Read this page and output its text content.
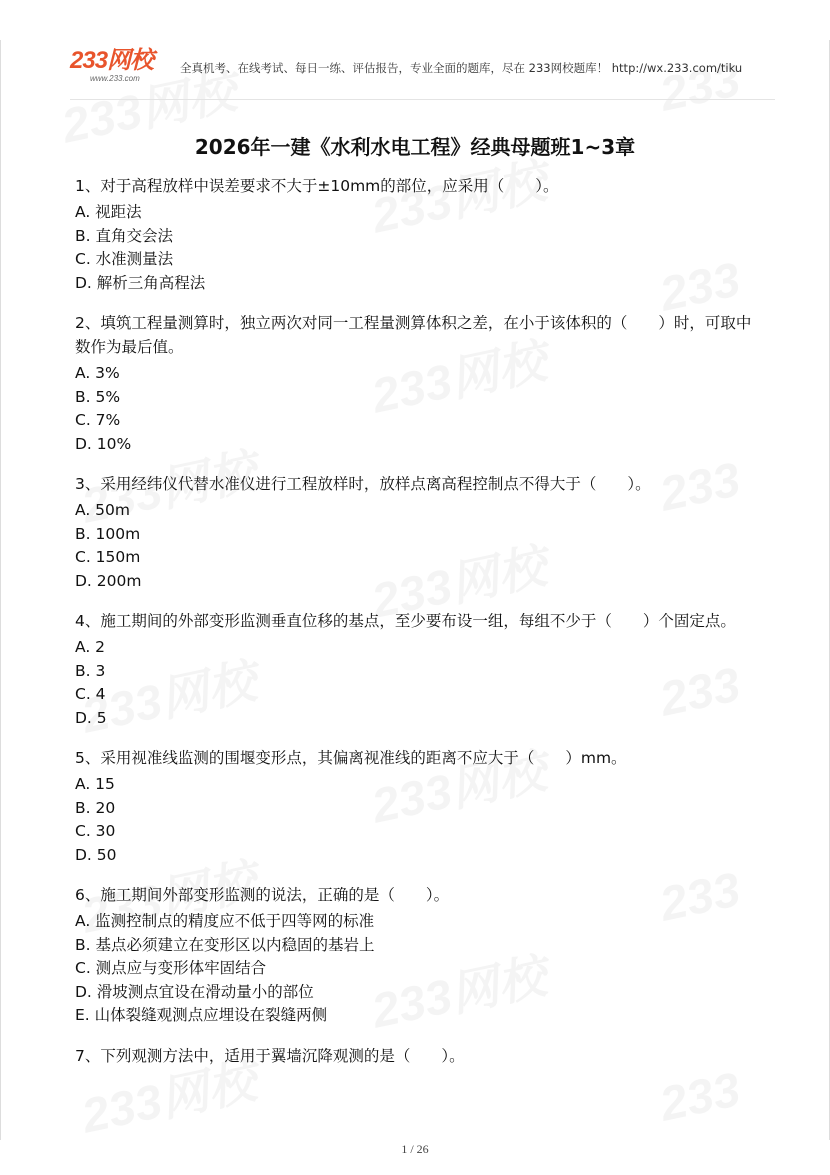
233网校
www.233.com
全真机考、在线考试、每日一练、评估报告，专业全面的题库，尽在 233网校题库！ http://wx.233.com/tiku
2026年一建《水利水电工程》经典母题班1~3章
1、对于高程放样中误差要求不大于±10mm的部位，应采用（　　）。
A. 视距法
B. 直角交会法
C. 水准测量法
D. 解析三角高程法
2、填筑工程量测算时，独立两次对同一工程量测算体积之差，在小于该体积的（　　）时，可取中数作为最后值。
A. 3%
B. 5%
C. 7%
D. 10%
3、采用经纬仪代替水准仪进行工程放样时，放样点离高程控制点不得大于（　　）。
A. 50m
B. 100m
C. 150m
D. 200m
4、施工期间的外部变形监测垂直位移的基点，至少要布设一组，每组不少于（　　）个固定点。
A. 2
B. 3
C. 4
D. 5
5、采用视准线监测的围堰变形点，其偏离视准线的距离不应大于（　　）mm。
A. 15
B. 20
C. 30
D. 50
6、施工期间外部变形监测的说法，正确的是（　　）。
A. 监测控制点的精度应不低于四等网的标准
B. 基点必须建立在变形区以内稳固的基岩上
C. 测点应与变形体牢固结合
D. 滑坡测点宜设在滑动量小的部位
E. 山体裂缝观测点应埋设在裂缝两侧
7、下列观测方法中，适用于翼墙沉降观测的是（　　）。
1 / 26
